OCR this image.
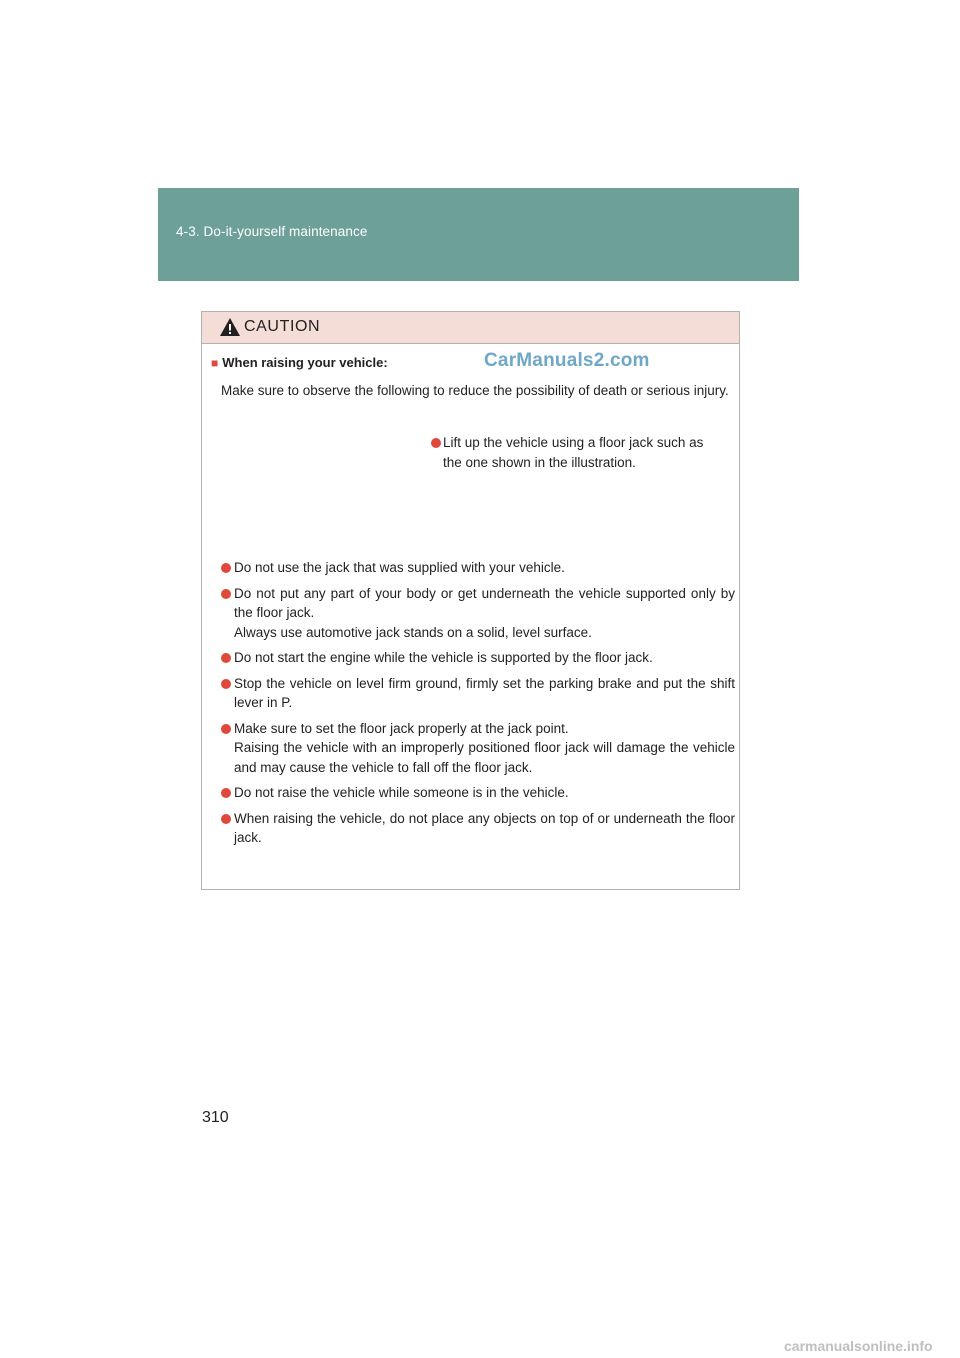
4-3. Do-it-yourself maintenance
CAUTION
CarManuals2.com
■ When raising your vehicle:
Make sure to observe the following to reduce the possibility of death or serious injury.
Lift up the vehicle using a floor jack such as
the one shown in the illustration.
Do not use the jack that was supplied with your vehicle.
Do not put any part of your body or get underneath the vehicle supported only by the floor jack.
Always use automotive jack stands on a solid, level surface.
Do not start the engine while the vehicle is supported by the floor jack.
Stop the vehicle on level firm ground, firmly set the parking brake and put the shift lever in P.
Make sure to set the floor jack properly at the jack point.
Raising the vehicle with an improperly positioned floor jack will damage the vehicle and may cause the vehicle to fall off the floor jack.
Do not raise the vehicle while someone is in the vehicle.
When raising the vehicle, do not place any objects on top of or underneath the floor jack.
310
carmanualsonline.info
